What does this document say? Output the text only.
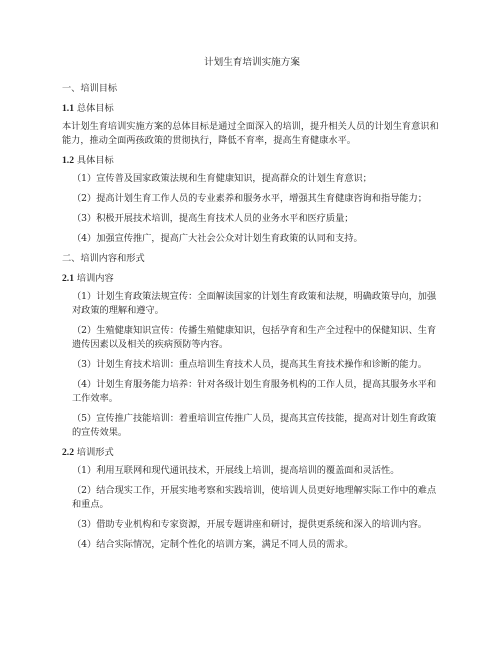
计划生育培训实施方案
一、培训目标
1.1 总体目标
本计划生育培训实施方案的总体目标是通过全面深入的培训，提升相关人员的计划生育意识和能力，推动全面两孩政策的贯彻执行，降低不育率，提高生育健康水平。
1.2 具体目标
（1）宣传普及国家政策法规和生育健康知识，提高群众的计划生育意识；
（2）提高计划生育工作人员的专业素养和服务水平，增强其生育健康咨询和指导能力；
（3）积极开展技术培训，提高生育技术人员的业务水平和医疗质量；
（4）加强宣传推广，提高广大社会公众对计划生育政策的认同和支持。
二、培训内容和形式
2.1 培训内容
（1）计划生育政策法规宣传：全面解读国家的计划生育政策和法规，明确政策导向，加强对政策的理解和遵守。
（2）生殖健康知识宣传：传播生殖健康知识，包括孕育和生产全过程中的保健知识、生育遗传因素以及相关的疾病预防等内容。
（3）计划生育技术培训：重点培训生育技术人员，提高其生育技术操作和诊断的能力。
（4）计划生育服务能力培养：针对各级计划生育服务机构的工作人员，提高其服务水平和工作效率。
（5）宣传推广技能培训：着重培训宣传推广人员，提高其宣传技能，提高对计划生育政策的宣传效果。
2.2 培训形式
（1）利用互联网和现代通讯技术，开展线上培训，提高培训的覆盖面和灵活性。
（2）结合现实工作，开展实地考察和实践培训，使培训人员更好地理解实际工作中的难点和重点。
（3）借助专业机构和专家资源，开展专题讲座和研讨，提供更系统和深入的培训内容。
（4）结合实际情况，定制个性化的培训方案，满足不同人员的需求。
